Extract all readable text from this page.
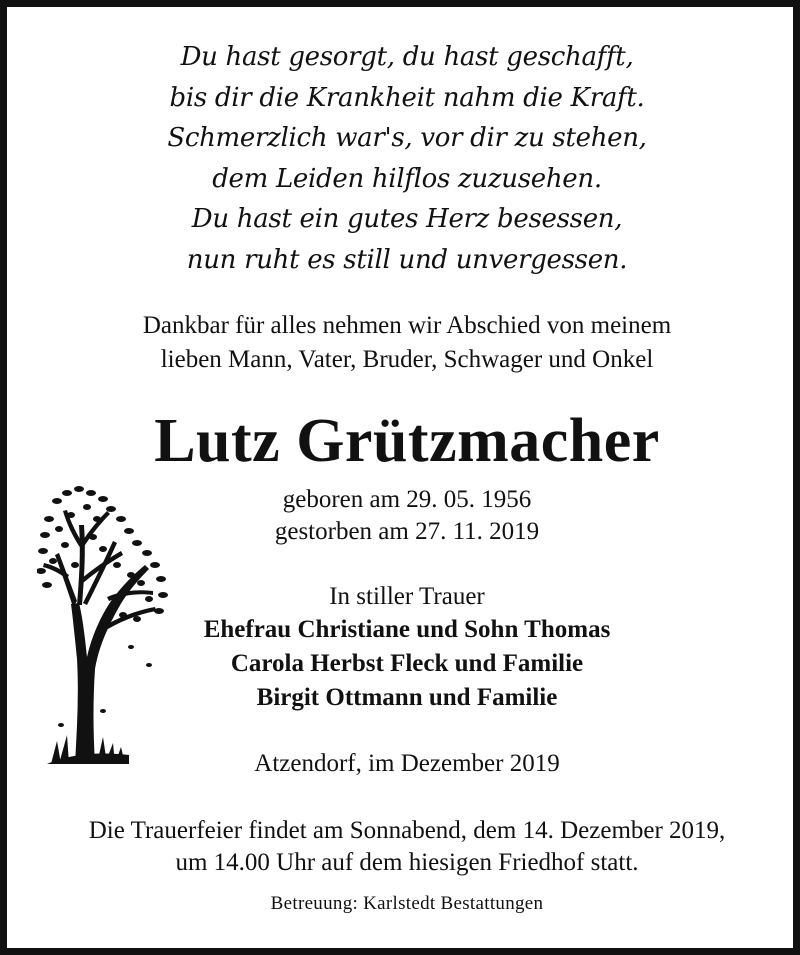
Du hast gesorgt, du hast geschafft,
bis dir die Krankheit nahm die Kraft.
Schmerzlich war's, vor dir zu stehen,
dem Leiden hilflos zuzusehen.
Du hast ein gutes Herz besessen,
nun ruht es still und unvergessen.
Dankbar für alles nehmen wir Abschied von meinem
lieben Mann, Vater, Bruder, Schwager und Onkel
Lutz Grützmacher
geboren am 29. 05. 1956
gestorben am 27. 11. 2019
In stiller Trauer
Ehefrau Christiane und Sohn Thomas
Carola Herbst Fleck und Familie
Birgit Ottmann und Familie
Atzendorf, im Dezember 2019
Die Trauerfeier findet am Sonnabend, dem 14. Dezember 2019,
um 14.00 Uhr auf dem hiesigen Friedhof statt.
Betreuung: Karlstedt Bestattungen
